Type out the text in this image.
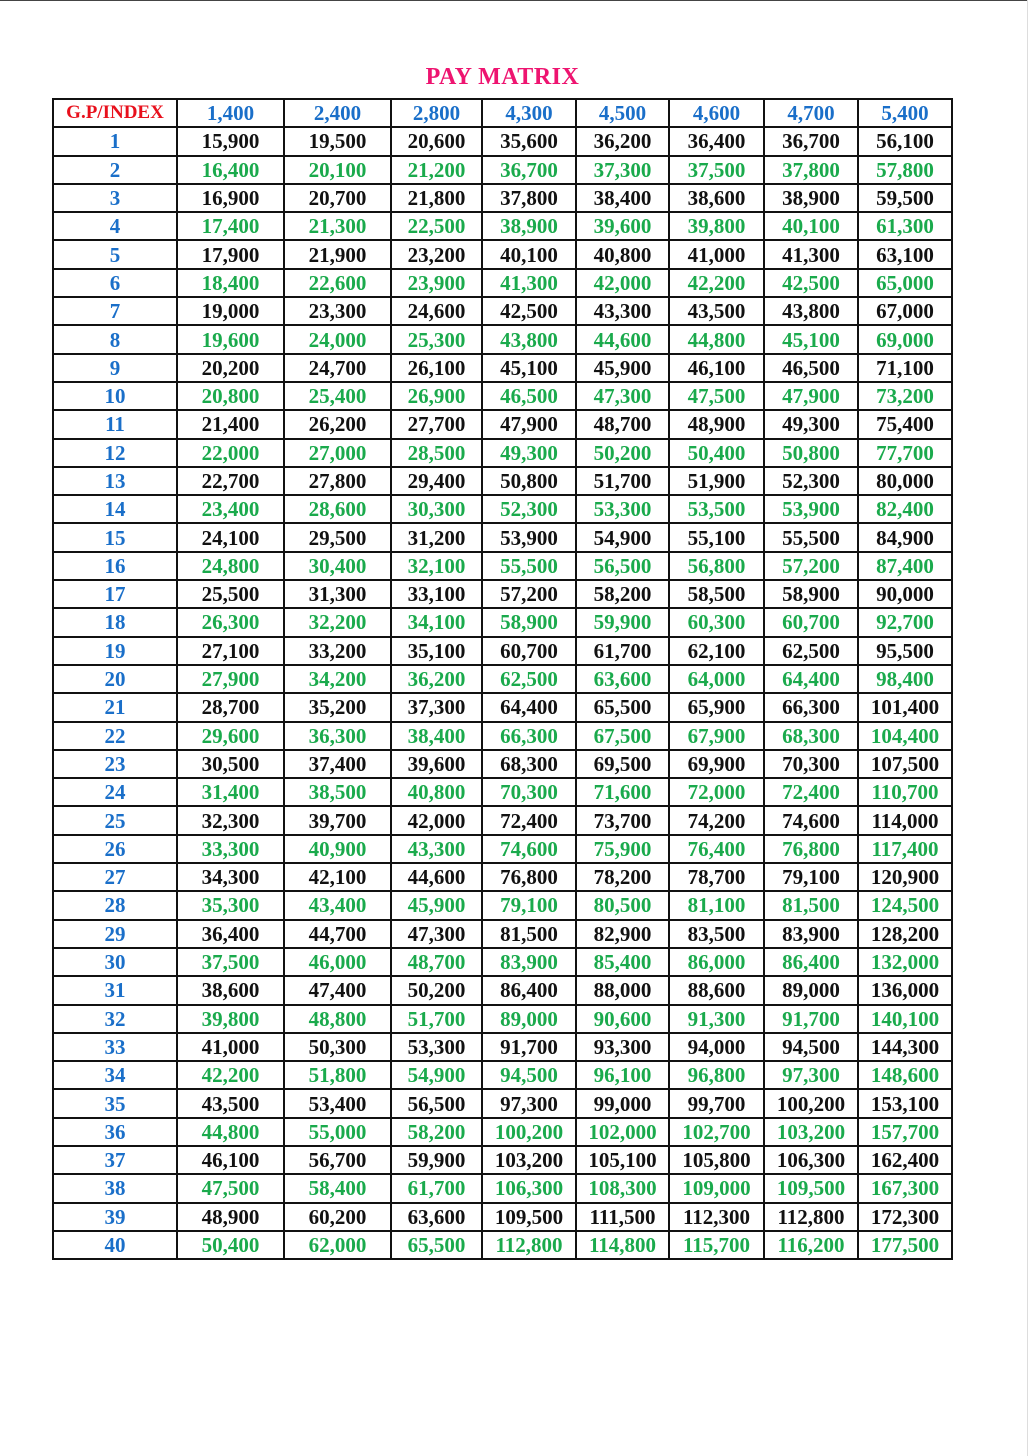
PAY MATRIX
G.P/INDEX	1,400	2,400	2,800	4,300	4,500	4,600	4,700	5,400
1	15,900	19,500	20,600	35,600	36,200	36,400	36,700	56,100
2	16,400	20,100	21,200	36,700	37,300	37,500	37,800	57,800
3	16,900	20,700	21,800	37,800	38,400	38,600	38,900	59,500
4	17,400	21,300	22,500	38,900	39,600	39,800	40,100	61,300
5	17,900	21,900	23,200	40,100	40,800	41,000	41,300	63,100
6	18,400	22,600	23,900	41,300	42,000	42,200	42,500	65,000
7	19,000	23,300	24,600	42,500	43,300	43,500	43,800	67,000
8	19,600	24,000	25,300	43,800	44,600	44,800	45,100	69,000
9	20,200	24,700	26,100	45,100	45,900	46,100	46,500	71,100
10	20,800	25,400	26,900	46,500	47,300	47,500	47,900	73,200
11	21,400	26,200	27,700	47,900	48,700	48,900	49,300	75,400
12	22,000	27,000	28,500	49,300	50,200	50,400	50,800	77,700
13	22,700	27,800	29,400	50,800	51,700	51,900	52,300	80,000
14	23,400	28,600	30,300	52,300	53,300	53,500	53,900	82,400
15	24,100	29,500	31,200	53,900	54,900	55,100	55,500	84,900
16	24,800	30,400	32,100	55,500	56,500	56,800	57,200	87,400
17	25,500	31,300	33,100	57,200	58,200	58,500	58,900	90,000
18	26,300	32,200	34,100	58,900	59,900	60,300	60,700	92,700
19	27,100	33,200	35,100	60,700	61,700	62,100	62,500	95,500
20	27,900	34,200	36,200	62,500	63,600	64,000	64,400	98,400
21	28,700	35,200	37,300	64,400	65,500	65,900	66,300	101,400
22	29,600	36,300	38,400	66,300	67,500	67,900	68,300	104,400
23	30,500	37,400	39,600	68,300	69,500	69,900	70,300	107,500
24	31,400	38,500	40,800	70,300	71,600	72,000	72,400	110,700
25	32,300	39,700	42,000	72,400	73,700	74,200	74,600	114,000
26	33,300	40,900	43,300	74,600	75,900	76,400	76,800	117,400
27	34,300	42,100	44,600	76,800	78,200	78,700	79,100	120,900
28	35,300	43,400	45,900	79,100	80,500	81,100	81,500	124,500
29	36,400	44,700	47,300	81,500	82,900	83,500	83,900	128,200
30	37,500	46,000	48,700	83,900	85,400	86,000	86,400	132,000
31	38,600	47,400	50,200	86,400	88,000	88,600	89,000	136,000
32	39,800	48,800	51,700	89,000	90,600	91,300	91,700	140,100
33	41,000	50,300	53,300	91,700	93,300	94,000	94,500	144,300
34	42,200	51,800	54,900	94,500	96,100	96,800	97,300	148,600
35	43,500	53,400	56,500	97,300	99,000	99,700	100,200	153,100
36	44,800	55,000	58,200	100,200	102,000	102,700	103,200	157,700
37	46,100	56,700	59,900	103,200	105,100	105,800	106,300	162,400
38	47,500	58,400	61,700	106,300	108,300	109,000	109,500	167,300
39	48,900	60,200	63,600	109,500	111,500	112,300	112,800	172,300
40	50,400	62,000	65,500	112,800	114,800	115,700	116,200	177,500
